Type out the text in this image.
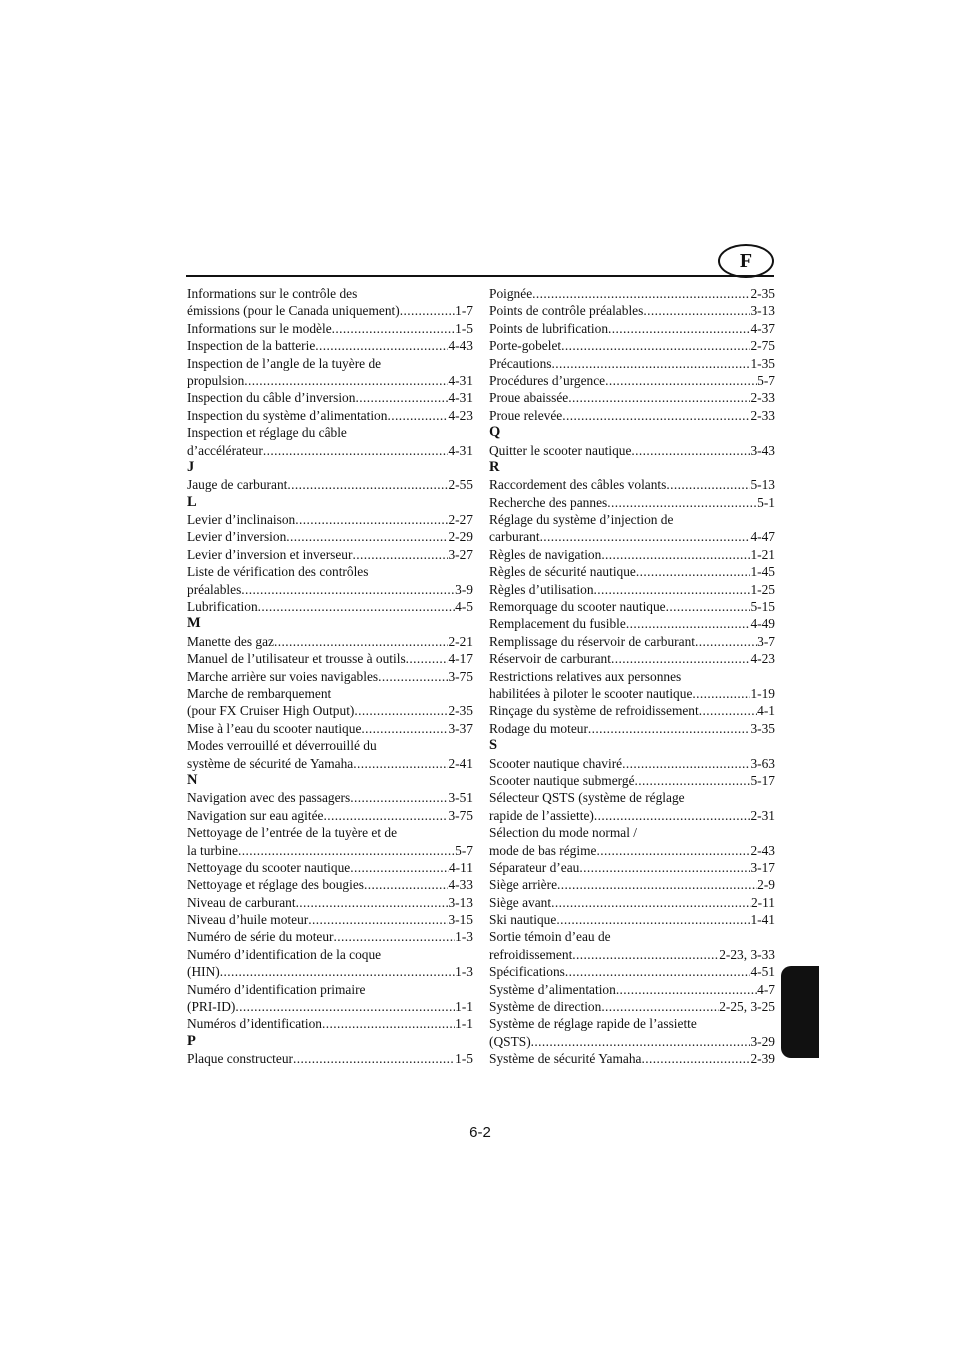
F
Informations sur le contrôle des
émissions (pour le Canada uniquement) .....	1-7
Informations sur le modèle .....	1-5
Inspection de la batterie .....	4-43
Inspection de l’angle de la tuyère de
propulsion .....	4-31
Inspection du câble d’inversion .....	4-31
Inspection du système d’alimentation .....	4-23
Inspection et réglage du câble
d’accélérateur .....	4-31
J
Jauge de carburant .....	2-55
L
Levier d’inclinaison .....	2-27
Levier d’inversion .....	2-29
Levier d’inversion et inverseur .....	3-27
Liste de vérification des contrôles
préalables .....	3-9
Lubrification .....	4-5
M
Manette des gaz .....	2-21
Manuel de l’utilisateur et trousse à outils .....	4-17
Marche arrière sur voies navigables .....	3-75
Marche de rembarquement
(pour FX Cruiser High Output) .....	2-35
Mise à l’eau du scooter nautique .....	3-37
Modes verrouillé et déverrouillé du
système de sécurité de Yamaha .....	2-41
N
Navigation avec des passagers .....	3-51
Navigation sur eau agitée .....	3-75
Nettoyage de l’entrée de la tuyère et de
la turbine .....	5-7
Nettoyage du scooter nautique .....	4-11
Nettoyage et réglage des bougies .....	4-33
Niveau de carburant .....	3-13
Niveau d’huile moteur .....	3-15
Numéro de série du moteur .....	1-3
Numéro d’identification de la coque
(HIN) .....	1-3
Numéro d’identification primaire
(PRI-ID) .....	1-1
Numéros d’identification .....	1-1
P
Plaque constructeur .....	1-5
Poignée .....	2-35
Points de contrôle préalables .....	3-13
Points de lubrification .....	4-37
Porte-gobelet .....	2-75
Précautions .....	1-35
Procédures d’urgence .....	5-7
Proue abaissée .....	2-33
Proue relevée .....	2-33
Q
Quitter le scooter nautique .....	3-43
R
Raccordement des câbles volants .....	5-13
Recherche des pannes .....	5-1
Réglage du système d’injection de
carburant .....	4-47
Règles de navigation .....	1-21
Règles de sécurité nautique .....	1-45
Règles d’utilisation .....	1-25
Remorquage du scooter nautique .....	5-15
Remplacement du fusible .....	4-49
Remplissage du réservoir de carburant .....	3-7
Réservoir de carburant .....	4-23
Restrictions relatives aux personnes
habilitées à piloter le scooter nautique .....	1-19
Rinçage du système de refroidissement .....	4-1
Rodage du moteur .....	3-35
S
Scooter nautique chaviré .....	3-63
Scooter nautique submergé .....	5-17
Sélecteur QSTS (système de réglage
rapide de l’assiette) .....	2-31
Sélection du mode normal /
mode de bas régime .....	2-43
Séparateur d’eau .....	3-17
Siège arrière .....	2-9
Siège avant .....	2-11
Ski nautique .....	1-41
Sortie témoin d’eau de
refroidissement .....	2-23, 3-33
Spécifications .....	4-51
Système d’alimentation .....	4-7
Système de direction .....	2-25, 3-25
Système de réglage rapide de l’assiette
(QSTS) .....	3-29
Système de sécurité Yamaha .....	2-39
6-2
